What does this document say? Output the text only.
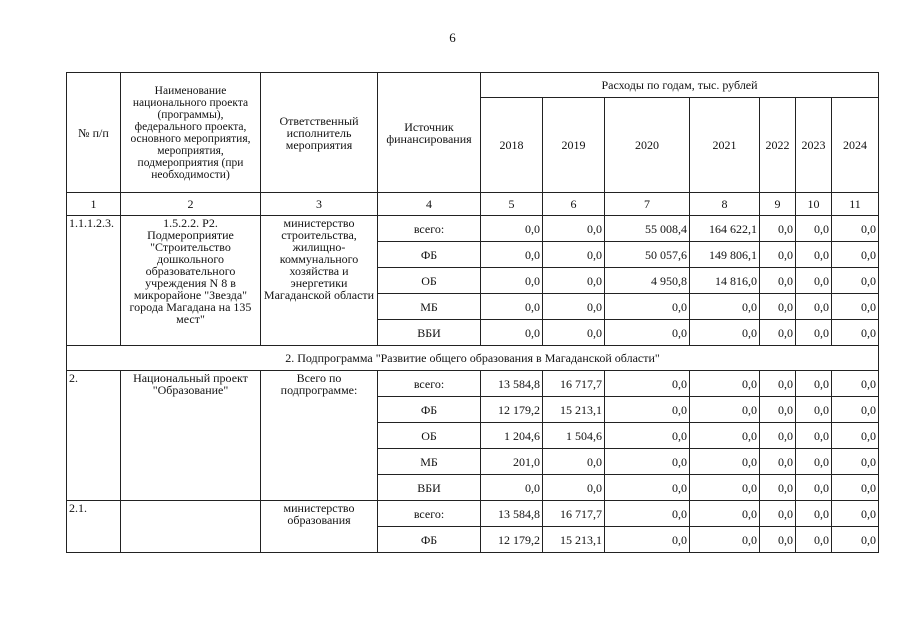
6
№ п/п	Наименование национального проекта (программы), федерального проекта, основного мероприятия, мероприятия, подмероприятия (при необходимости)	Ответственный исполнитель мероприятия	Источник финансирования	Расходы по годам, тыс. рублей						
				2018	2019	2020	2021	2022	2023	2024
1	2	3	4	5	6	7	8	9	10	11
1.1.1.2.3.	1.5.2.2. Р2. Подмероприятие "Строительство дошкольного образовательного учреждения N 8 в микрорайоне "Звезда" города Магадана на 135 мест"	министерство строительства, жилищно-коммунального хозяйства и энергетики Магаданской области	всего:	0,0	0,0	55 008,4	164 622,1	0,0	0,0	0,0
			ФБ	0,0	0,0	50 057,6	149 806,1	0,0	0,0	0,0
			ОБ	0,0	0,0	4 950,8	14 816,0	0,0	0,0	0,0
			МБ	0,0	0,0	0,0	0,0	0,0	0,0	0,0
			ВБИ	0,0	0,0	0,0	0,0	0,0	0,0	0,0
2. Подпрограмма "Развитие общего образования в Магаданской области"										
2.	Национальный проект "Образование"	Всего по подпрограмме:	всего:	13 584,8	16 717,7	0,0	0,0	0,0	0,0	0,0
			ФБ	12 179,2	15 213,1	0,0	0,0	0,0	0,0	0,0
			ОБ	1 204,6	1 504,6	0,0	0,0	0,0	0,0	0,0
			МБ	201,0	0,0	0,0	0,0	0,0	0,0	0,0
			ВБИ	0,0	0,0	0,0	0,0	0,0	0,0	0,0
2.1.		министерство образования	всего:	13 584,8	16 717,7	0,0	0,0	0,0	0,0	0,0
			ФБ	12 179,2	15 213,1	0,0	0,0	0,0	0,0	0,0
